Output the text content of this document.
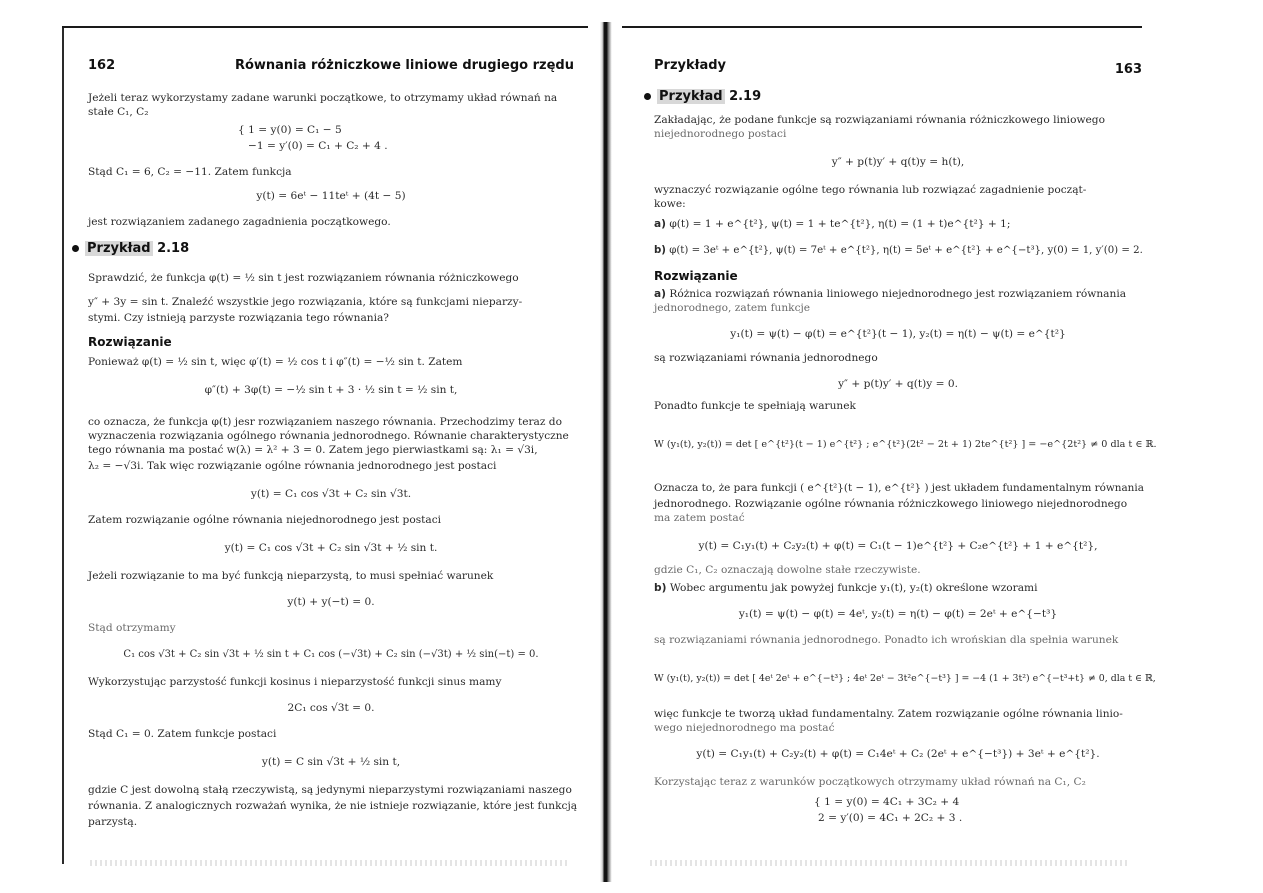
162	Równania różniczkowe liniowe drugiego rzędu
Jeżeli teraz wykorzystamy zadane warunki początkowe, to otrzymamy układ równań na
stałe C₁, C₂
{ 1 = y(0) = C₁ − 5
−1 = y′(0) = C₁ + C₂ + 4 .
Stąd C₁ = 6, C₂ = −11. Zatem funkcja
y(t) = 6eᵗ − 11teᵗ + (4t − 5)
jest rozwiązaniem zadanego zagadnienia początkowego.
Przykład 2.18
Sprawdzić, że funkcja φ(t) = ½ sin t jest rozwiązaniem równania różniczkowego
y″ + 3y = sin t. Znaleźć wszystkie jego rozwiązania, które są funkcjami nieparzy-
stymi. Czy istnieją parzyste rozwiązania tego równania?
Rozwiązanie
Ponieważ φ(t) = ½ sin t, więc φ′(t) = ½ cos t i φ″(t) = −½ sin t. Zatem
φ″(t) + 3φ(t) = −½ sin t + 3 · ½ sin t = ½ sin t,
co oznacza, że funkcja φ(t) jesr rozwiązaniem naszego równania. Przechodzimy teraz do
wyznaczenia rozwiązania ogólnego równania jednorodnego. Równanie charakterystyczne
tego równania ma postać w(λ) = λ² + 3 = 0. Zatem jego pierwiastkami są: λ₁ = √3i,
λ₂ = −√3i. Tak więc rozwiązanie ogólne równania jednorodnego jest postaci
y(t) = C₁ cos √3t + C₂ sin √3t.
Zatem rozwiązanie ogólne równania niejednorodnego jest postaci
y(t) = C₁ cos √3t + C₂ sin √3t + ½ sin t.
Jeżeli rozwiązanie to ma być funkcją nieparzystą, to musi spełniać warunek
y(t) + y(−t) = 0.
Stąd otrzymamy
C₁ cos √3t + C₂ sin √3t + ½ sin t + C₁ cos (−√3t) + C₂ sin (−√3t) + ½ sin(−t) = 0.
Wykorzystując parzystość funkcji kosinus i nieparzystość funkcji sinus mamy
2C₁ cos √3t = 0.
Stąd C₁ = 0. Zatem funkcje postaci
y(t) = C sin √3t + ½ sin t,
gdzie C jest dowolną stałą rzeczywistą, są jedynymi nieparzystymi rozwiązaniami naszego
równania. Z analogicznych rozważań wynika, że nie istnieje rozwiązanie, które jest funkcją
parzystą.
Przykłady	163
Przykład 2.19
Zakładając, że podane funkcje są rozwiązaniami równania różniczkowego liniowego
niejednorodnego postaci
y″ + p(t)y′ + q(t)y = h(t),
wyznaczyć rozwiązanie ogólne tego równania lub rozwiązać zagadnienie począt-
kowe:
a) φ(t) = 1 + e^{t²}, ψ(t) = 1 + te^{t²}, η(t) = (1 + t)e^{t²} + 1;
b) φ(t) = 3eᵗ + e^{t²}, ψ(t) = 7eᵗ + e^{t²}, η(t) = 5eᵗ + e^{t²} + e^{−t³}, y(0) = 1, y′(0) = 2.
Rozwiązanie
a) Różnica rozwiązań równania liniowego niejednorodnego jest rozwiązaniem równania
jednorodnego, zatem funkcje
y₁(t) = ψ(t) − φ(t) = e^{t²}(t − 1), y₂(t) = η(t) − ψ(t) = e^{t²}
są rozwiązaniami równania jednorodnego
y″ + p(t)y′ + q(t)y = 0.
Ponadto funkcje te spełniają warunek
W (y₁(t), y₂(t)) = det [ e^{t²}(t − 1) e^{t²} ; e^{t²}(2t² − 2t + 1) 2te^{t²} ] = −e^{2t²} ≠ 0 dla t ∈ ℝ.
Oznacza to, że para funkcji ( e^{t²}(t − 1), e^{t²} ) jest układem fundamentalnym równania
jednorodnego. Rozwiązanie ogólne równania różniczkowego liniowego niejednorodnego
ma zatem postać
y(t) = C₁y₁(t) + C₂y₂(t) + φ(t) = C₁(t − 1)e^{t²} + C₂e^{t²} + 1 + e^{t²},
gdzie C₁, C₂ oznaczają dowolne stałe rzeczywiste.
b) Wobec argumentu jak powyżej funkcje y₁(t), y₂(t) określone wzorami
y₁(t) = ψ(t) − φ(t) = 4eᵗ, y₂(t) = η(t) − φ(t) = 2eᵗ + e^{−t³}
są rozwiązaniami równania jednorodnego. Ponadto ich wrońskian dla spełnia warunek
W (y₁(t), y₂(t)) = det [ 4eᵗ 2eᵗ + e^{−t³} ; 4eᵗ 2eᵗ − 3t²e^{−t³} ] = −4 (1 + 3t²) e^{−t³+t} ≠ 0, dla t ∈ ℝ,
więc funkcje te tworzą układ fundamentalny. Zatem rozwiązanie ogólne równania linio-
wego niejednorodnego ma postać
y(t) = C₁y₁(t) + C₂y₂(t) + φ(t) = C₁4eᵗ + C₂ (2eᵗ + e^{−t³}) + 3eᵗ + e^{t²}.
Korzystając teraz z warunków początkowych otrzymamy układ równań na C₁, C₂
{ 1 = y(0) = 4C₁ + 3C₂ + 4
2 = y′(0) = 4C₁ + 2C₂ + 3 .
